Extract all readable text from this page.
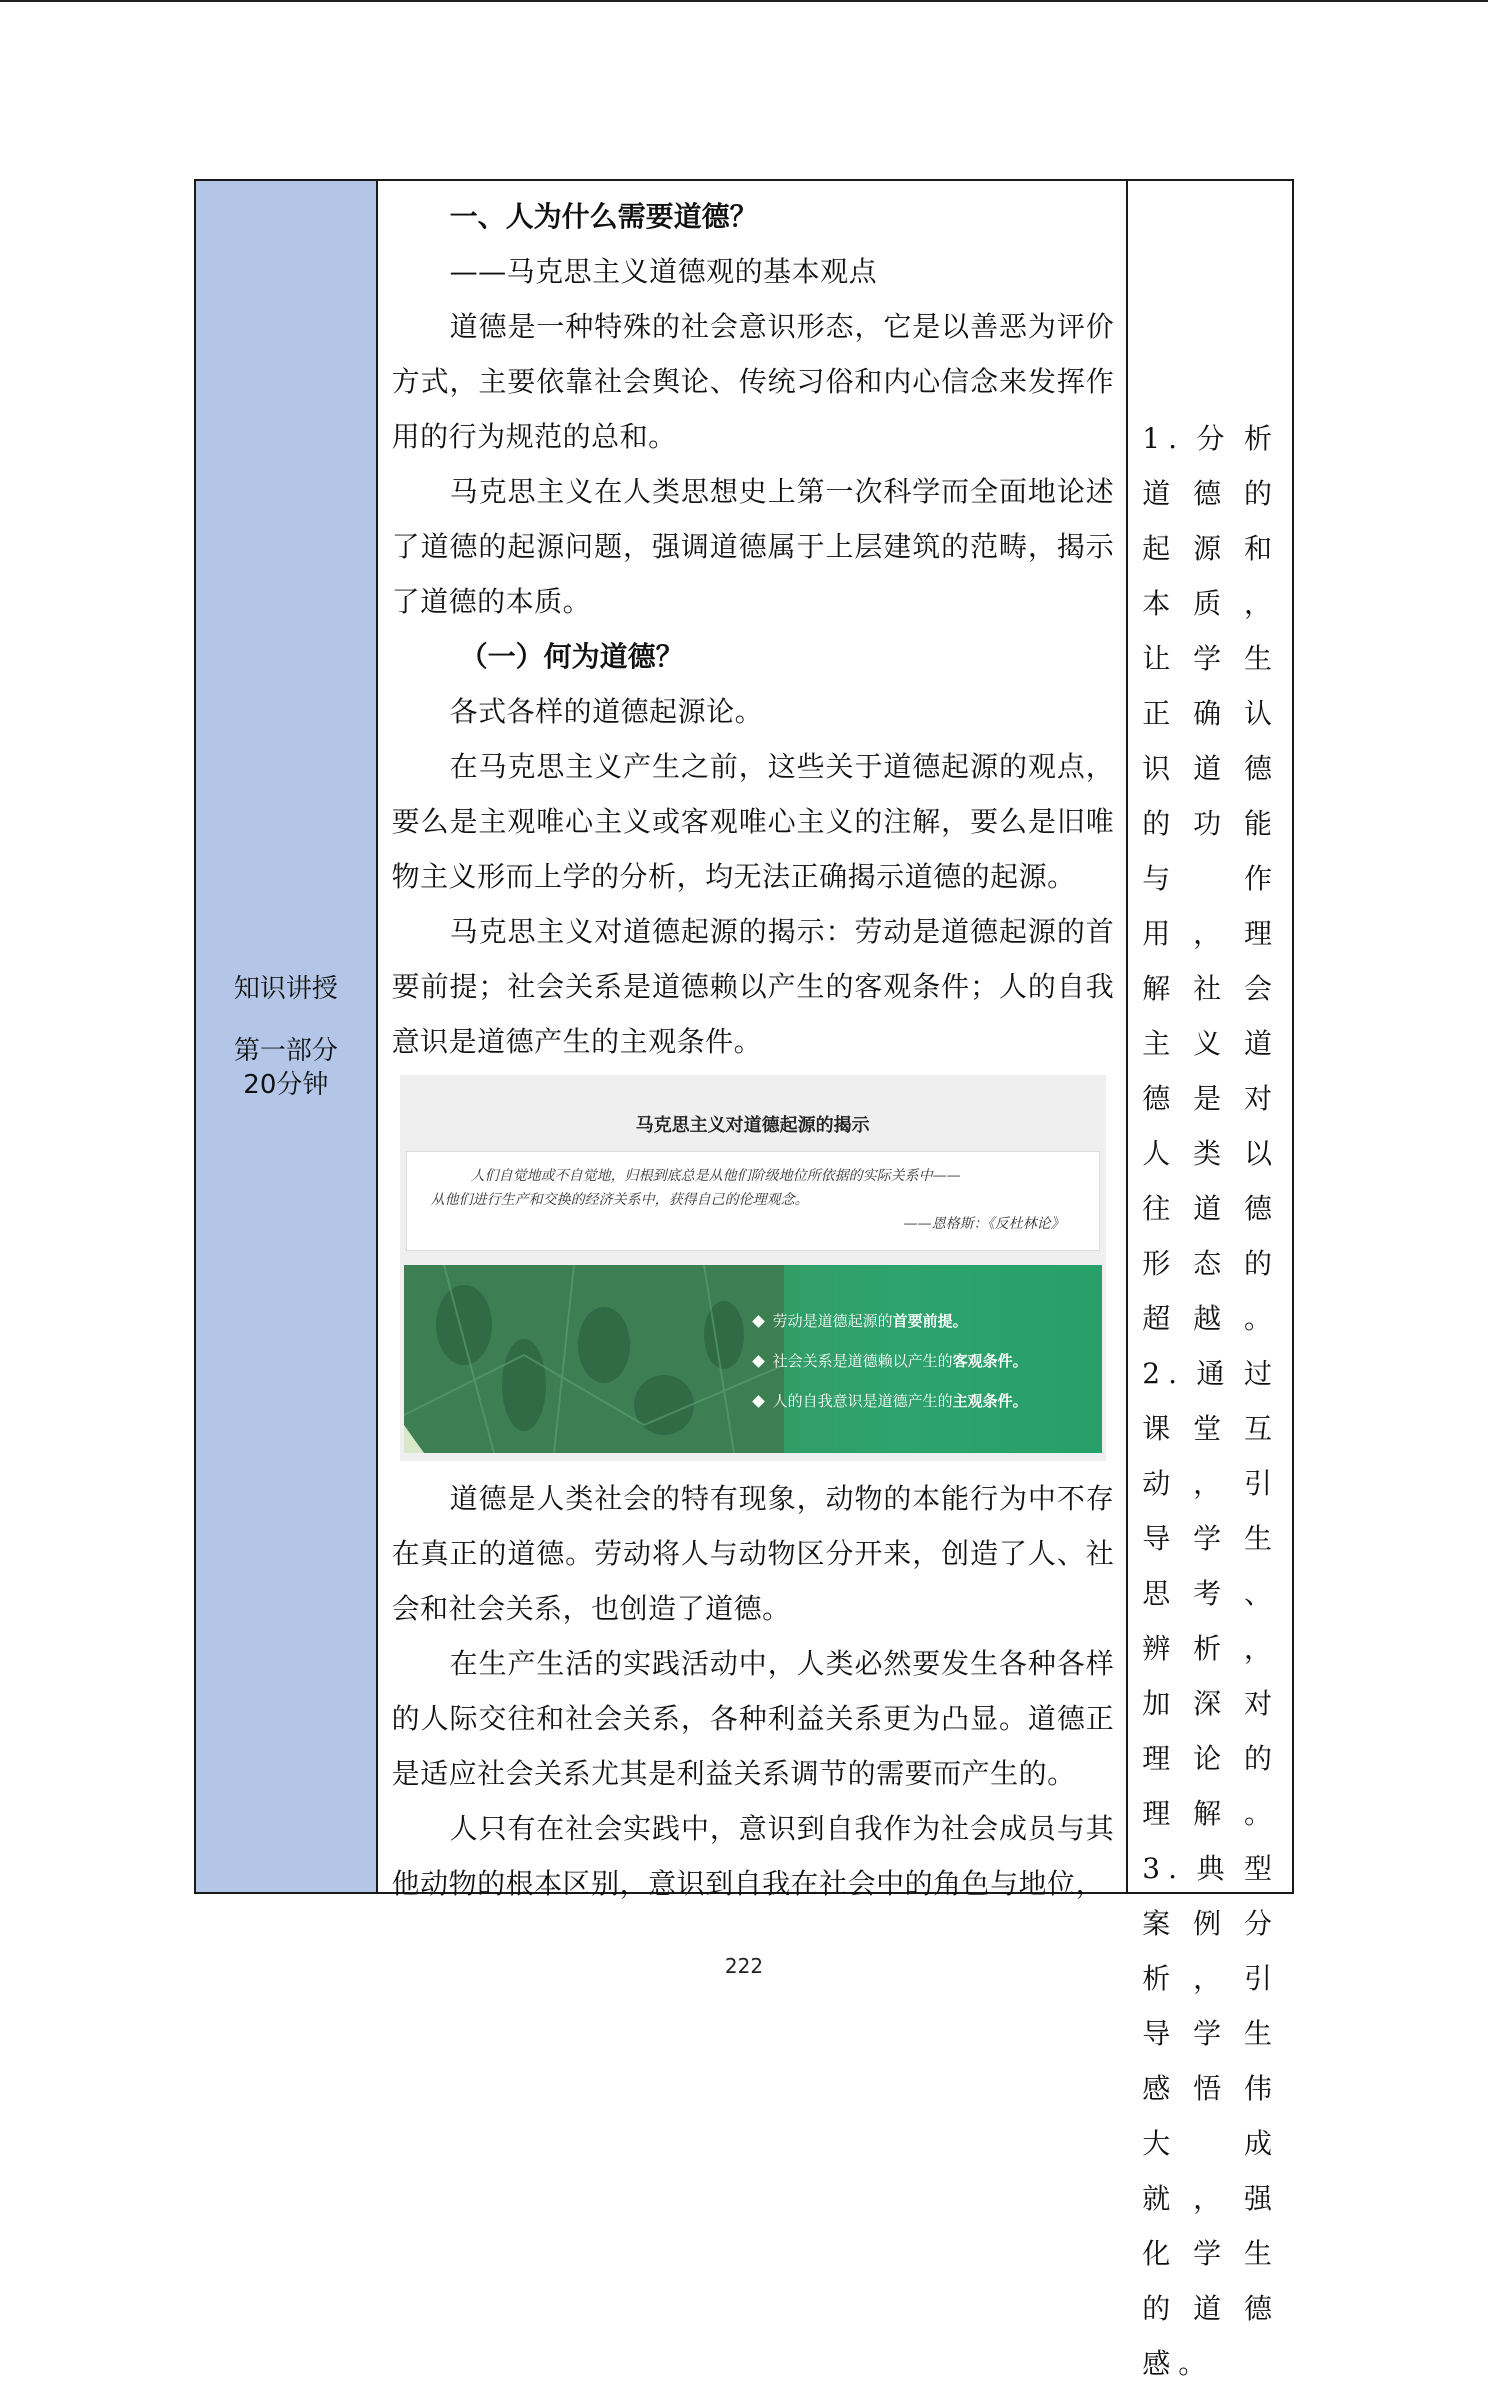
知识讲授
第一部分
20分钟

一、人为什么需要道德？

——马克思主义道德观的基本观点

道德是一种特殊的社会意识形态，它是以善恶为评价方式，主要依靠社会舆论、传统习俗和内心信念来发挥作用的行为规范的总和。

马克思主义在人类思想史上第一次科学而全面地论述了道德的起源问题，强调道德属于上层建筑的范畴，揭示了道德的本质。

（一）何为道德？

各式各样的道德起源论。

在马克思主义产生之前，这些关于道德起源的观点，要么是主观唯心主义或客观唯心主义的注解，要么是旧唯物主义形而上学的分析，均无法正确揭示道德的起源。

马克思主义对道德起源的揭示：劳动是道德起源的首要前提；社会关系是道德赖以产生的客观条件；人的自我意识是道德产生的主观条件。

马克思主义对道德起源的揭示
人们自觉地或不自觉地，归根到底总是从他们阶级地位所依据的实际关系中——
从他们进行生产和交换的经济关系中，获得自己的伦理观念。
——恩格斯：《反杜林论》
劳动是道德起源的首要前提。
社会关系是道德赖以产生的客观条件。
人的自我意识是道德产生的主观条件。

道德是人类社会的特有现象，动物的本能行为中不存在真正的道德。劳动将人与动物区分开来，创造了人、社会和社会关系，也创造了道德。

在生产生活的实践活动中，人类必然要发生各种各样的人际交往和社会关系，各种利益关系更为凸显。道德正是适应社会关系尤其是利益关系调节的需要而产生的。

人只有在社会实践中，意识到自我作为社会成员与其他动物的根本区别，意识到自我在社会中的角色与地位，

1.分析道德的起源和本质，让学生正确认识道德的功能与作用，理解社会主义道德是对人类以往道德形态的超越。2.通过课堂互动，引导学生思考、辨析，加深对理论的理解。3.典型案例分析，引导学生感悟伟大成就，强化学生的道德感。
222
